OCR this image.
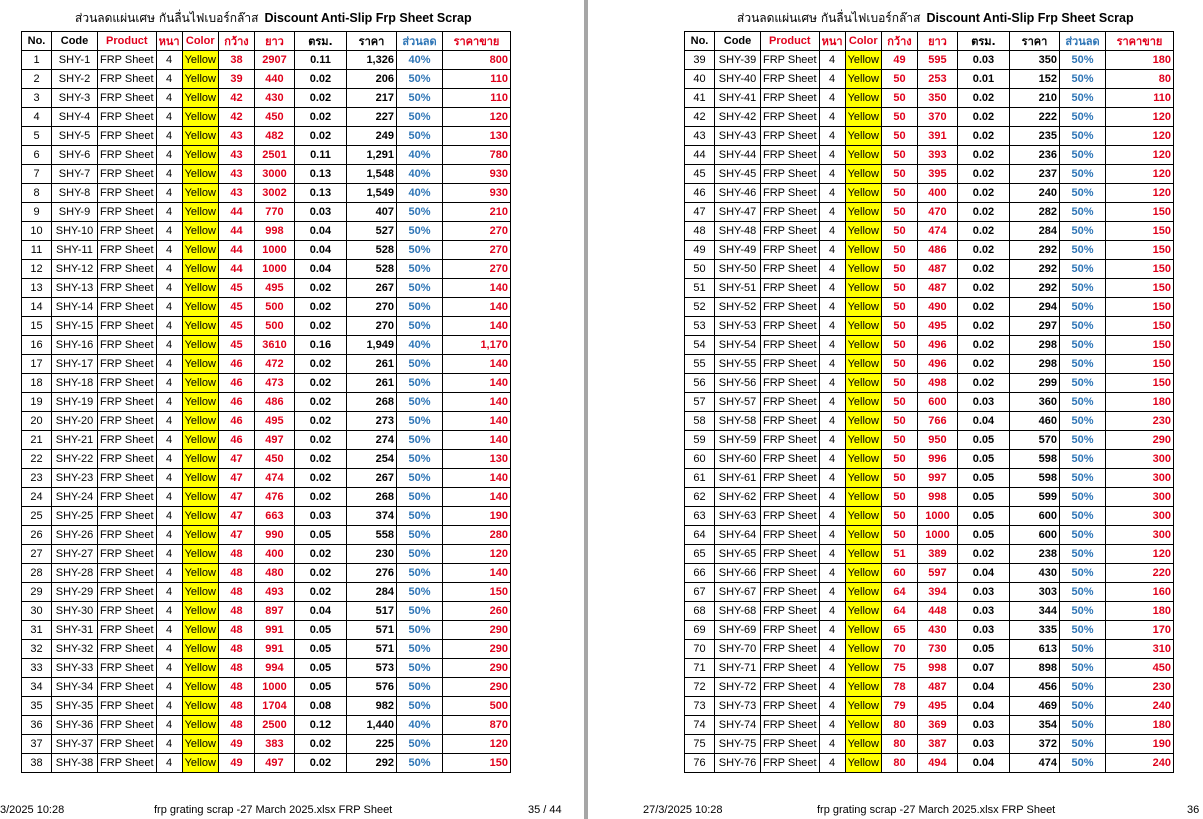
ส่วนลดแผ่นเศษ กันลื่นไฟเบอร์กล๊าส Discount Anti-Slip Frp Sheet Scrap
No.	Code	Product	หนา	Color	กว้าง	ยาว	ตรม.	ราคา	ส่วนลด	ราคาขาย
1	SHY-1	FRP Sheet	4	Yellow	38	2907	0.11	1,326	40%	800
2	SHY-2	FRP Sheet	4	Yellow	39	440	0.02	206	50%	110
3	SHY-3	FRP Sheet	4	Yellow	42	430	0.02	217	50%	110
4	SHY-4	FRP Sheet	4	Yellow	42	450	0.02	227	50%	120
5	SHY-5	FRP Sheet	4	Yellow	43	482	0.02	249	50%	130
6	SHY-6	FRP Sheet	4	Yellow	43	2501	0.11	1,291	40%	780
7	SHY-7	FRP Sheet	4	Yellow	43	3000	0.13	1,548	40%	930
8	SHY-8	FRP Sheet	4	Yellow	43	3002	0.13	1,549	40%	930
9	SHY-9	FRP Sheet	4	Yellow	44	770	0.03	407	50%	210
10	SHY-10	FRP Sheet	4	Yellow	44	998	0.04	527	50%	270
11	SHY-11	FRP Sheet	4	Yellow	44	1000	0.04	528	50%	270
12	SHY-12	FRP Sheet	4	Yellow	44	1000	0.04	528	50%	270
13	SHY-13	FRP Sheet	4	Yellow	45	495	0.02	267	50%	140
14	SHY-14	FRP Sheet	4	Yellow	45	500	0.02	270	50%	140
15	SHY-15	FRP Sheet	4	Yellow	45	500	0.02	270	50%	140
16	SHY-16	FRP Sheet	4	Yellow	45	3610	0.16	1,949	40%	1,170
17	SHY-17	FRP Sheet	4	Yellow	46	472	0.02	261	50%	140
18	SHY-18	FRP Sheet	4	Yellow	46	473	0.02	261	50%	140
19	SHY-19	FRP Sheet	4	Yellow	46	486	0.02	268	50%	140
20	SHY-20	FRP Sheet	4	Yellow	46	495	0.02	273	50%	140
21	SHY-21	FRP Sheet	4	Yellow	46	497	0.02	274	50%	140
22	SHY-22	FRP Sheet	4	Yellow	47	450	0.02	254	50%	130
23	SHY-23	FRP Sheet	4	Yellow	47	474	0.02	267	50%	140
24	SHY-24	FRP Sheet	4	Yellow	47	476	0.02	268	50%	140
25	SHY-25	FRP Sheet	4	Yellow	47	663	0.03	374	50%	190
26	SHY-26	FRP Sheet	4	Yellow	47	990	0.05	558	50%	280
27	SHY-27	FRP Sheet	4	Yellow	48	400	0.02	230	50%	120
28	SHY-28	FRP Sheet	4	Yellow	48	480	0.02	276	50%	140
29	SHY-29	FRP Sheet	4	Yellow	48	493	0.02	284	50%	150
30	SHY-30	FRP Sheet	4	Yellow	48	897	0.04	517	50%	260
31	SHY-31	FRP Sheet	4	Yellow	48	991	0.05	571	50%	290
32	SHY-32	FRP Sheet	4	Yellow	48	991	0.05	571	50%	290
33	SHY-33	FRP Sheet	4	Yellow	48	994	0.05	573	50%	290
34	SHY-34	FRP Sheet	4	Yellow	48	1000	0.05	576	50%	290
35	SHY-35	FRP Sheet	4	Yellow	48	1704	0.08	982	50%	500
36	SHY-36	FRP Sheet	4	Yellow	48	2500	0.12	1,440	40%	870
37	SHY-37	FRP Sheet	4	Yellow	49	383	0.02	225	50%	120
38	SHY-38	FRP Sheet	4	Yellow	49	497	0.02	292	50%	150
3/2025 10:28	frp grating scrap -27 March 2025.xlsx FRP Sheet	35 / 44
ส่วนลดแผ่นเศษ กันลื่นไฟเบอร์กล๊าส Discount Anti-Slip Frp Sheet Scrap
No.	Code	Product	หนา	Color	กว้าง	ยาว	ตรม.	ราคา	ส่วนลด	ราคาขาย
39	SHY-39	FRP Sheet	4	Yellow	49	595	0.03	350	50%	180
40	SHY-40	FRP Sheet	4	Yellow	50	253	0.01	152	50%	80
41	SHY-41	FRP Sheet	4	Yellow	50	350	0.02	210	50%	110
42	SHY-42	FRP Sheet	4	Yellow	50	370	0.02	222	50%	120
43	SHY-43	FRP Sheet	4	Yellow	50	391	0.02	235	50%	120
44	SHY-44	FRP Sheet	4	Yellow	50	393	0.02	236	50%	120
45	SHY-45	FRP Sheet	4	Yellow	50	395	0.02	237	50%	120
46	SHY-46	FRP Sheet	4	Yellow	50	400	0.02	240	50%	120
47	SHY-47	FRP Sheet	4	Yellow	50	470	0.02	282	50%	150
48	SHY-48	FRP Sheet	4	Yellow	50	474	0.02	284	50%	150
49	SHY-49	FRP Sheet	4	Yellow	50	486	0.02	292	50%	150
50	SHY-50	FRP Sheet	4	Yellow	50	487	0.02	292	50%	150
51	SHY-51	FRP Sheet	4	Yellow	50	487	0.02	292	50%	150
52	SHY-52	FRP Sheet	4	Yellow	50	490	0.02	294	50%	150
53	SHY-53	FRP Sheet	4	Yellow	50	495	0.02	297	50%	150
54	SHY-54	FRP Sheet	4	Yellow	50	496	0.02	298	50%	150
55	SHY-55	FRP Sheet	4	Yellow	50	496	0.02	298	50%	150
56	SHY-56	FRP Sheet	4	Yellow	50	498	0.02	299	50%	150
57	SHY-57	FRP Sheet	4	Yellow	50	600	0.03	360	50%	180
58	SHY-58	FRP Sheet	4	Yellow	50	766	0.04	460	50%	230
59	SHY-59	FRP Sheet	4	Yellow	50	950	0.05	570	50%	290
60	SHY-60	FRP Sheet	4	Yellow	50	996	0.05	598	50%	300
61	SHY-61	FRP Sheet	4	Yellow	50	997	0.05	598	50%	300
62	SHY-62	FRP Sheet	4	Yellow	50	998	0.05	599	50%	300
63	SHY-63	FRP Sheet	4	Yellow	50	1000	0.05	600	50%	300
64	SHY-64	FRP Sheet	4	Yellow	50	1000	0.05	600	50%	300
65	SHY-65	FRP Sheet	4	Yellow	51	389	0.02	238	50%	120
66	SHY-66	FRP Sheet	4	Yellow	60	597	0.04	430	50%	220
67	SHY-67	FRP Sheet	4	Yellow	64	394	0.03	303	50%	160
68	SHY-68	FRP Sheet	4	Yellow	64	448	0.03	344	50%	180
69	SHY-69	FRP Sheet	4	Yellow	65	430	0.03	335	50%	170
70	SHY-70	FRP Sheet	4	Yellow	70	730	0.05	613	50%	310
71	SHY-71	FRP Sheet	4	Yellow	75	998	0.07	898	50%	450
72	SHY-72	FRP Sheet	4	Yellow	78	487	0.04	456	50%	230
73	SHY-73	FRP Sheet	4	Yellow	79	495	0.04	469	50%	240
74	SHY-74	FRP Sheet	4	Yellow	80	369	0.03	354	50%	180
75	SHY-75	FRP Sheet	4	Yellow	80	387	0.03	372	50%	190
76	SHY-76	FRP Sheet	4	Yellow	80	494	0.04	474	50%	240
27/3/2025 10:28	frp grating scrap -27 March 2025.xlsx FRP Sheet	36
